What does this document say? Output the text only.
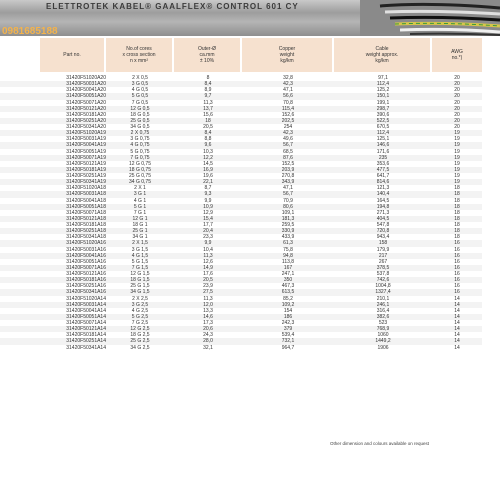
ELETTROTEK KABEL® GAALFLEX® CONTROL 601 CY
0981685188
Part no.
No.of cores
x cross section
n x mm²
Outer-Ø
ca.mm
± 10%
Copper
weight
kg/km
Cable
weight approx.
kg/km
AWG
no.*)
31420F51020A20	2 X 0,5	8	32,8	97,1	20
31420F50031A20	3 G 0,5	8,4	42,3	112,4	20
31420F50041A20	4 G 0,5	8,9	47,1	125,2	20
31420F50051A20	5 G 0,5	9,7	56,6	150,1	20
31420F50071A20	7 G 0,5	11,3	70,8	199,1	20
31420F50121A20	12 G 0,5	13,7	115,4	298,7	20
31420F50181A20	18 G 0,5	15,6	152,6	390,6	20
31420F50251A20	25 G 0,5	18	202,5	522,5	20
31420F50341A20	34 G 0,5	20,5	254	670,5	20
31420F51020A19	2 X 0,75	8,4	42,3	112,4	19
31420F50031A19	3 G 0,75	8,8	49,6	125,1	19
31420F50041A19	4 G 0,75	9,6	56,7	146,6	19
31420F50051A19	5 G 0,75	10,3	68,5	171,6	19
31420F50071A19	7 G 0,75	12,2	87,6	235	19
31420F50121A19	12 G 0,75	14,5	152,5	353,6	19
31420F50181A19	18 G 0,75	16,9	203,9	477,5	19
31420F50251A19	25 G 0,75	19,6	270,8	641,7	19
31420F50341A19	34 G 0,75	22,1	343,9	814,6	19
31420F51020A18	2 X 1	8,7	47,1	121,3	18
31420F50031A18	3 G 1	9,3	56,7	140,4	18
31420F50041A18	4 G 1	9,9	70,9	164,5	18
31420F50051A18	5 G 1	10,9	80,6	194,8	18
31420F50071A18	7 G 1	12,9	109,1	271,3	18
31420F50121A18	12 G 1	15,4	181,3	404,5	18
31420F50181A18	18 G 1	17,7	259,5	547,8	18
31420F50251A18	25 G 1	20,4	330,9	720,8	18
31420F50341A18	34 G 1	23,3	433,9	943,4	18
31420F51020A16	2 X 1,5	9,9	61,3	158	16
31420F50031A16	3 G 1,5	10,4	75,8	179,9	16
31420F50041A16	4 G 1,5	11,3	94,8	217	16
31420F50051A16	5 G 1,5	12,6	113,8	267	16
31420F50071A16	7 G 1,5	14,9	167	378,5	16
31420F50121A16	12 G 1,5	17,6	247,1	537,8	16
31420F50181A16	18 G 1,5	20,5	350	742,6	16
31420F50251A16	25 G 1,5	23,9	467,3	1004,8	16
31420F50341A16	34 G 1,5	27,5	613,5	1327,4	16
31420F51020A14	2 X 2,5	11,3	85,2	210,1	14
31420F50031A14	3 G 2,5	12,0	109,2	246,1	14
31420F50041A14	4 G 2,5	13,3	154	316,4	14
31420F50051A14	5 G 2,5	14,6	186	382,6	14
31420F50071A14	7 G 2,5	17,3	242,3	523	14
31420F50121A14	12 G 2,5	20,6	379	768,9	14
31420F50181A14	18 G 2,5	24,3	539,4	1060	14
31420F50251A14	25 G 2,5	28,0	732,1	1449,2	14
31420F50341A14	34 G 2,5	32,1	964,7	1906	14
Other dimension and colours available on request
